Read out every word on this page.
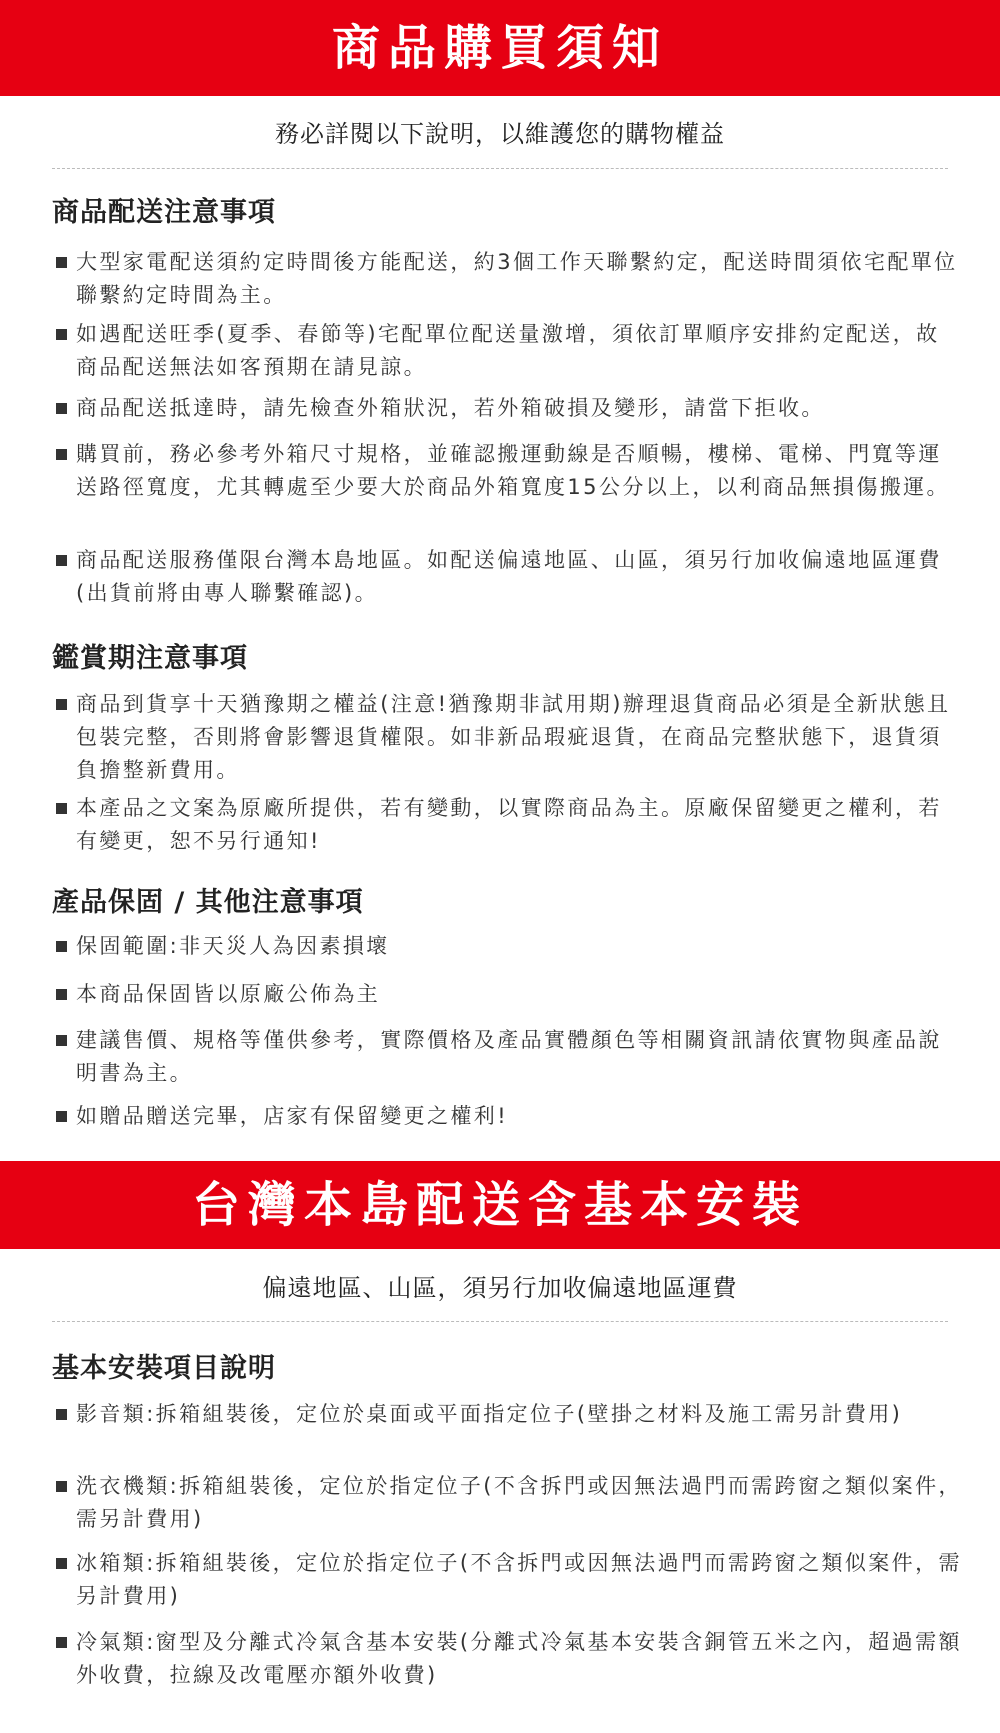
商品購買須知
務必詳閱以下說明，以維護您的購物權益
商品配送注意事項
大型家電配送須約定時間後方能配送，約3個工作天聯繫約定，配送時間須依宅配單位聯繫約定時間為主。
如遇配送旺季(夏季、春節等)宅配單位配送量激增，須依訂單順序安排約定配送，故商品配送無法如客預期在請見諒。
商品配送抵達時，請先檢查外箱狀況，若外箱破損及變形，請當下拒收。
購買前，務必參考外箱尺寸規格，並確認搬運動線是否順暢，樓梯、電梯、門寬等運送路徑寬度，尤其轉處至少要大於商品外箱寬度15公分以上，以利商品無損傷搬運。
商品配送服務僅限台灣本島地區。如配送偏遠地區、山區，須另行加收偏遠地區運費(出貨前將由專人聯繫確認)。
鑑賞期注意事項
商品到貨享十天猶豫期之權益(注意!猶豫期非試用期)辦理退貨商品必須是全新狀態且包裝完整，否則將會影響退貨權限。如非新品瑕疵退貨，在商品完整狀態下，退貨須負擔整新費用。
本產品之文案為原廠所提供，若有變動，以實際商品為主。原廠保留變更之權利，若有變更，恕不另行通知!
產品保固 / 其他注意事項
保固範圍:非天災人為因素損壞
本商品保固皆以原廠公佈為主
建議售價、規格等僅供參考，實際價格及產品實體顏色等相關資訊請依實物與產品說明書為主。
如贈品贈送完畢，店家有保留變更之權利!
台灣本島配送含基本安裝
偏遠地區、山區，須另行加收偏遠地區運費
基本安裝項目說明
影音類:拆箱組裝後，定位於桌面或平面指定位子(壁掛之材料及施工需另計費用)
洗衣機類:拆箱組裝後，定位於指定位子(不含拆門或因無法過門而需跨窗之類似案件，需另計費用)
冰箱類:拆箱組裝後，定位於指定位子(不含拆門或因無法過門而需跨窗之類似案件，需另計費用)
冷氣類:窗型及分離式冷氣含基本安裝(分離式冷氣基本安裝含銅管五米之內，超過需額外收費，拉線及改電壓亦額外收費)
